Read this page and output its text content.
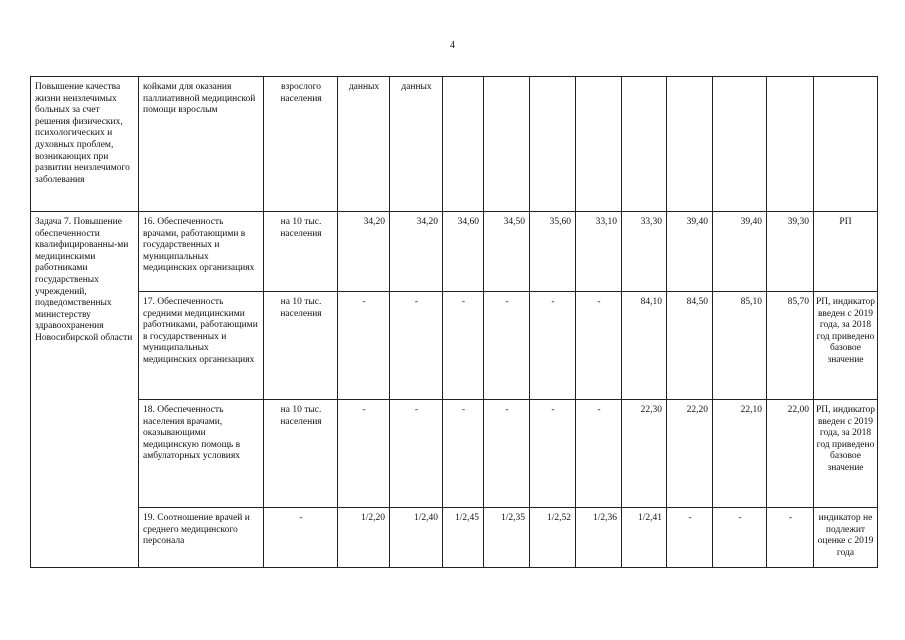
4
Повышение качества жизни неизлечимых больных за счет решения физических, психологических и духовных проблем, возникающих при развитии неизлечимого заболевания	койками для оказания паллиативной медицинской помощи взрослым	взрослого населения	данных	данных									
Задача 7. Повышение обеспеченности квалифицированны-ми медицинскими работниками государственых учреждений, подведомственных министерству здравоохранения Новосибирской области	16. Обеспеченность врачами, работающими в государственных и муниципальных медицинских организациях	на 10 тыс. населения	34,20	34,20	34,60	34,50	35,60	33,10	33,30	39,40	39,40	39,30	РП
	17. Обеспеченность средними медицинскими работниками, работающими в государственных и муниципальных медицинских организациях	на 10 тыс. населения	-	-	-	-	-	-	84,10	84,50	85,10	85,70	РП, индикатор введен с 2019 года, за 2018 год приведено базовое значение
	18. Обеспеченность населения врачами, оказывающими медицинскую помощь в амбулаторных условиях	на 10 тыс. населения	-	-	-	-	-	-	22,30	22,20	22,10	22,00	РП, индикатор введен с 2019 года, за 2018 год приведено базовое значение
	19. Соотношение врачей и среднего медицинского персонала	-	1/2,20	1/2,40	1/2,45	1/2,35	1/2,52	1/2,36	1/2,41	-	-	-	индикатор не подлежит оценке с 2019 года
